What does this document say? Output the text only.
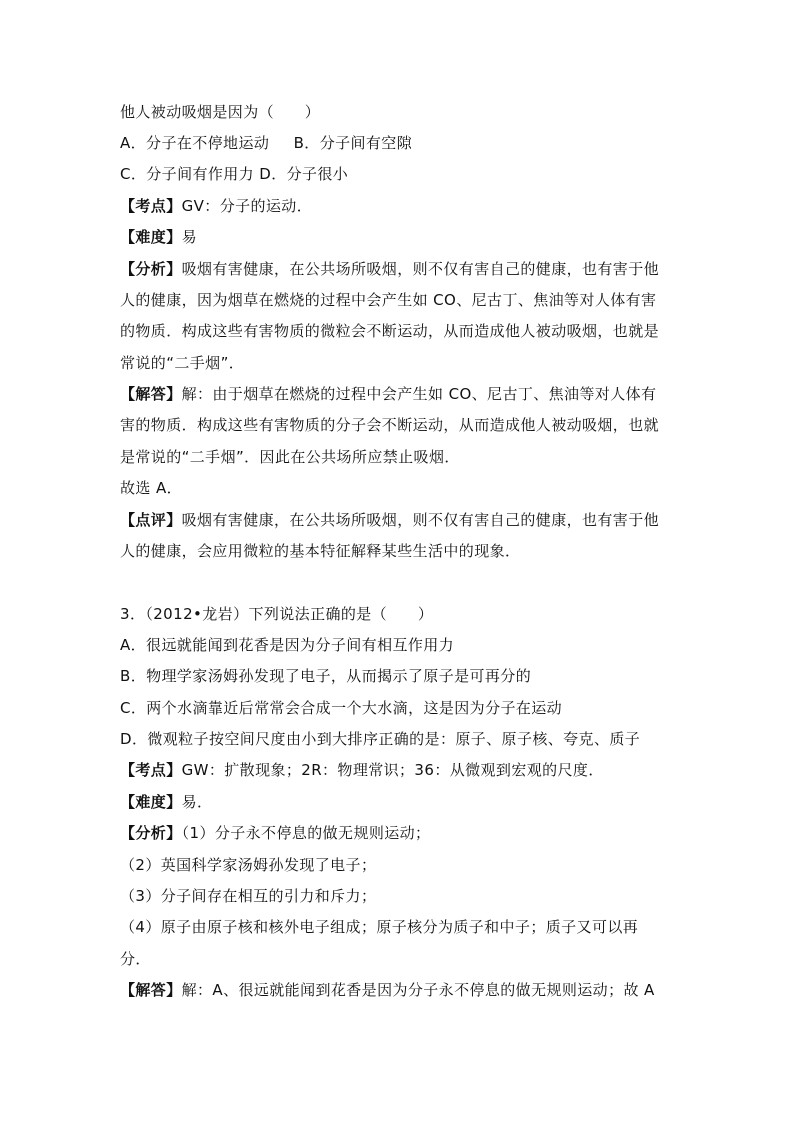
他人被动吸烟是因为（　　）
A．分子在不停地运动 B．分子间有空隙
C．分子间有作用力 D．分子很小
【考点】GV：分子的运动．
【难度】易
【分析】吸烟有害健康，在公共场所吸烟，则不仅有害自己的健康，也有害于他
人的健康，因为烟草在燃烧的过程中会产生如 CO、尼古丁、焦油等对人体有害
的物质．构成这些有害物质的微粒会不断运动，从而造成他人被动吸烟，也就是
常说的“二手烟”．
【解答】解：由于烟草在燃烧的过程中会产生如 CO、尼古丁、焦油等对人体有
害的物质．构成这些有害物质的分子会不断运动，从而造成他人被动吸烟，也就
是常说的“二手烟”．因此在公共场所应禁止吸烟．
故选 A．
【点评】吸烟有害健康，在公共场所吸烟，则不仅有害自己的健康，也有害于他
人的健康，会应用微粒的基本特征解释某些生活中的现象．
3．（2012•龙岩）下列说法正确的是（　　）
A．很远就能闻到花香是因为分子间有相互作用力
B．物理学家汤姆孙发现了电子，从而揭示了原子是可再分的
C．两个水滴靠近后常常会合成一个大水滴，这是因为分子在运动
D．微观粒子按空间尺度由小到大排序正确的是：原子、原子核、夸克、质子
【考点】GW：扩散现象；2R：物理常识；36：从微观到宏观的尺度．
【难度】易．
【分析】（1）分子永不停息的做无规则运动；
（2）英国科学家汤姆孙发现了电子；
（3）分子间存在相互的引力和斥力；
（4）原子由原子核和核外电子组成；原子核分为质子和中子；质子又可以再
分．
【解答】解：A、很远就能闻到花香是因为分子永不停息的做无规则运动；故 A
